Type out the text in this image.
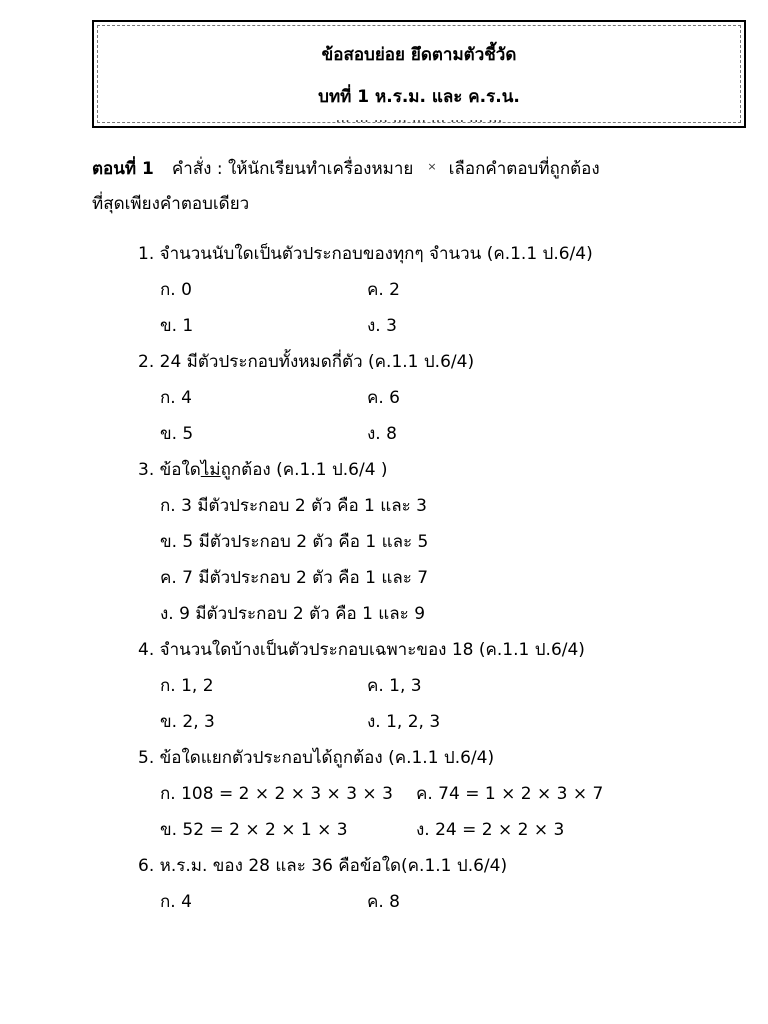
ข้อสอบย่อย ยึดตามตัวชี้วัด
บทที่ 1 ห.ร.ม. และ ค.ร.น.
... ... ... ... ... ... ... ... ...
ตอนที่ 1 คำสั่ง : ให้นักเรียนทำเครื่องหมาย × เลือกคำตอบที่ถูกต้อง
ที่สุดเพียงคำตอบเดียว
1. จำนวนนับใดเป็นตัวประกอบของทุกๆ จำนวน (ค.1.1 ป.6/4)
ก. 0	ค. 2
ข. 1	ง. 3
2. 24 มีตัวประกอบทั้งหมดกี่ตัว (ค.1.1 ป.6/4)
ก. 4	ค. 6
ข. 5	ง. 8
3. ข้อใดไม่ถูกต้อง (ค.1.1 ป.6/4 )
ก. 3 มีตัวประกอบ 2 ตัว คือ 1 และ 3
ข. 5 มีตัวประกอบ 2 ตัว คือ 1 และ 5
ค. 7 มีตัวประกอบ 2 ตัว คือ 1 และ 7
ง. 9 มีตัวประกอบ 2 ตัว คือ 1 และ 9
4. จำนวนใดบ้างเป็นตัวประกอบเฉพาะของ 18 (ค.1.1 ป.6/4)
ก. 1, 2	ค. 1, 3
ข. 2, 3	ง. 1, 2, 3
5. ข้อใดแยกตัวประกอบได้ถูกต้อง (ค.1.1 ป.6/4)
ก. 108 = 2 × 2 × 3 × 3 × 3 ค. 74 = 1 × 2 × 3 × 7
ข. 52 = 2 × 2 × 1 × 3	ง. 24 = 2 × 2 × 3
6. ห.ร.ม. ของ 28 และ 36 คือข้อใด(ค.1.1 ป.6/4)
ก. 4	ค. 8
